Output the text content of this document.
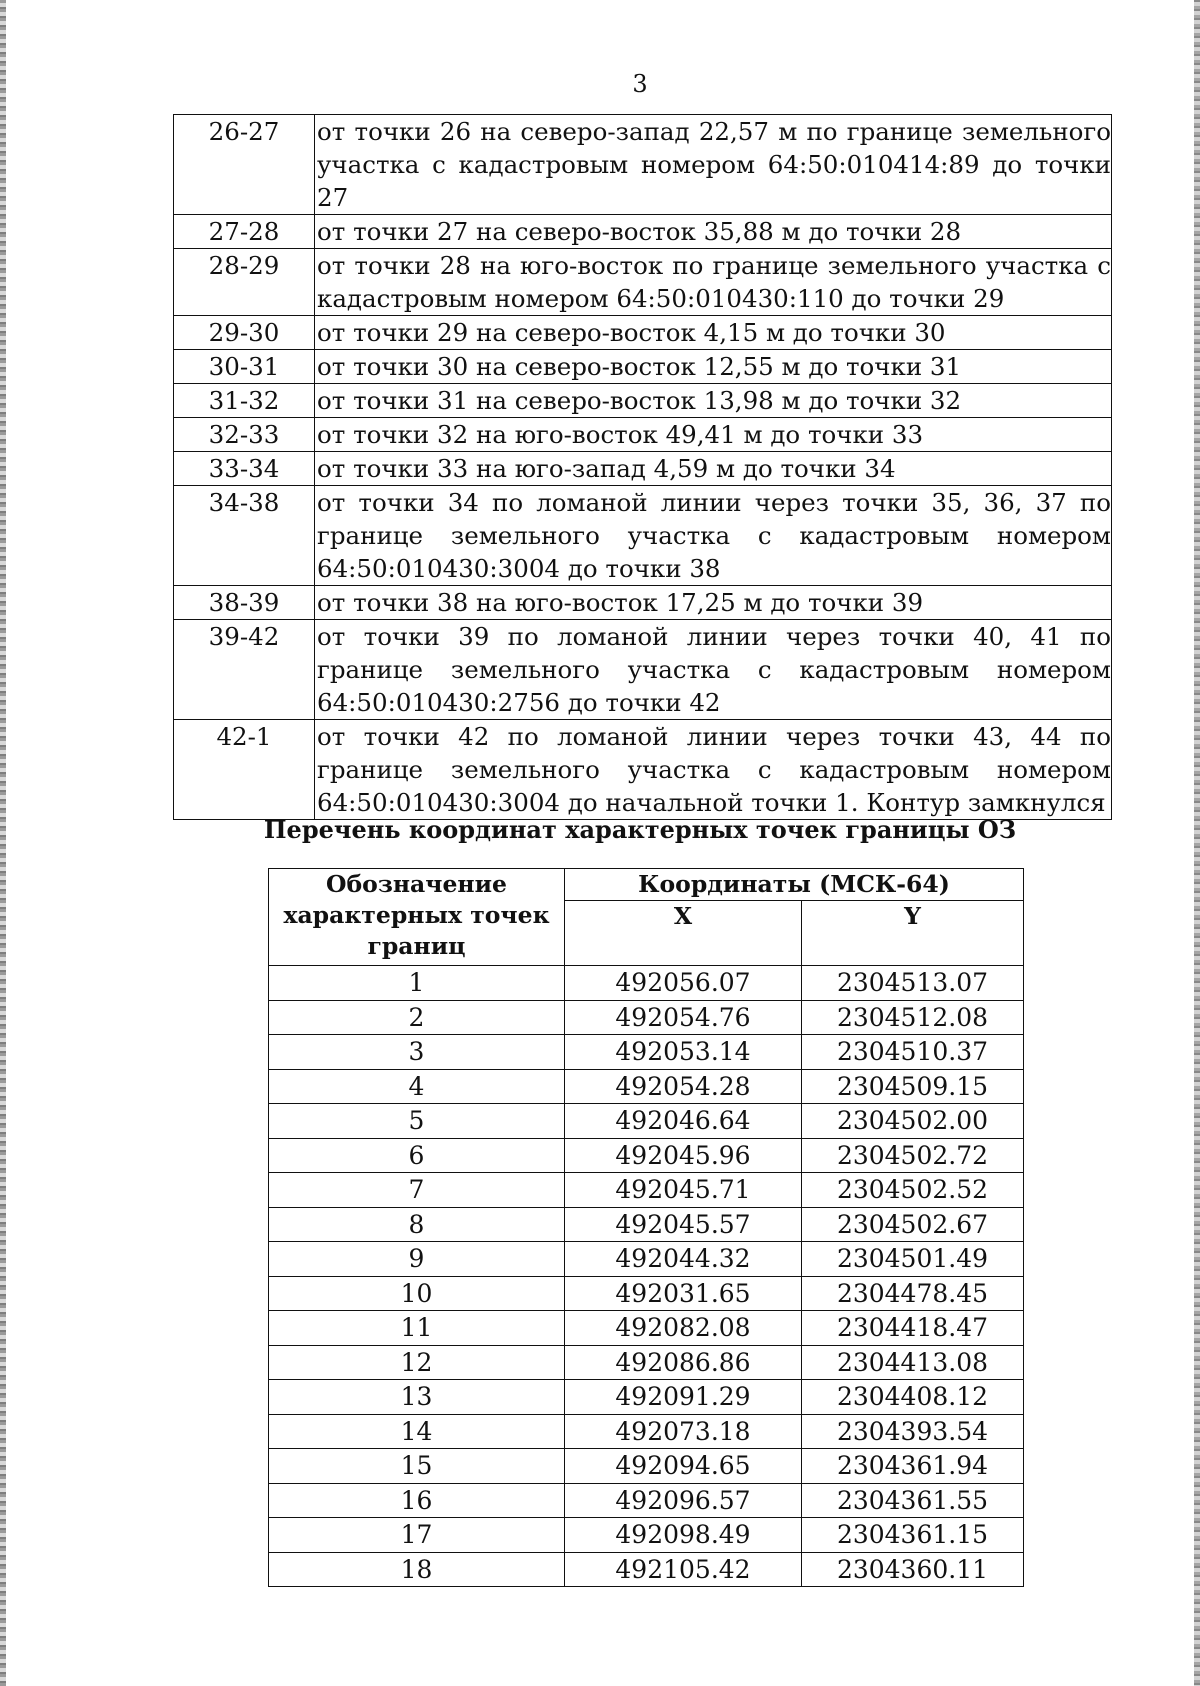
3
26-27	от точки 26 на северо-запад 22,57 м по границе земельного участка с кадастровым номером 64:50:010414:89 до точки 27
27-28	от точки 27 на северо-восток 35,88 м до точки 28
28-29	от точки 28 на юго-восток по границе земельного участка с кадастровым номером 64:50:010430:110 до точки 29
29-30	от точки 29 на северо-восток 4,15 м до точки 30
30-31	от точки 30 на северо-восток 12,55 м до точки 31
31-32	от точки 31 на северо-восток 13,98 м до точки 32
32-33	от точки 32 на юго-восток 49,41 м до точки 33
33-34	от точки 33 на юго-запад 4,59 м до точки 34
34-38	от точки 34 по ломаной линии через точки 35, 36, 37 по границе земельного участка с кадастровым номером 64:50:010430:3004 до точки 38
38-39	от точки 38 на юго-восток 17,25 м до точки 39
39-42	от точки 39 по ломаной линии через точки 40, 41 по границе земельного участка с кадастровым номером 64:50:010430:2756 до точки 42
42-1	от точки 42 по ломаной линии через точки 43, 44 по границе земельного участка с кадастровым номером 64:50:010430:3004 до начальной точки 1. Контур замкнулся
Перечень координат характерных точек границы ОЗ
Обозначение характерных точек границ	Координаты (МСК-64)	
	X	Y
1	492056.07	2304513.07
2	492054.76	2304512.08
3	492053.14	2304510.37
4	492054.28	2304509.15
5	492046.64	2304502.00
6	492045.96	2304502.72
7	492045.71	2304502.52
8	492045.57	2304502.67
9	492044.32	2304501.49
10	492031.65	2304478.45
11	492082.08	2304418.47
12	492086.86	2304413.08
13	492091.29	2304408.12
14	492073.18	2304393.54
15	492094.65	2304361.94
16	492096.57	2304361.55
17	492098.49	2304361.15
18	492105.42	2304360.11
